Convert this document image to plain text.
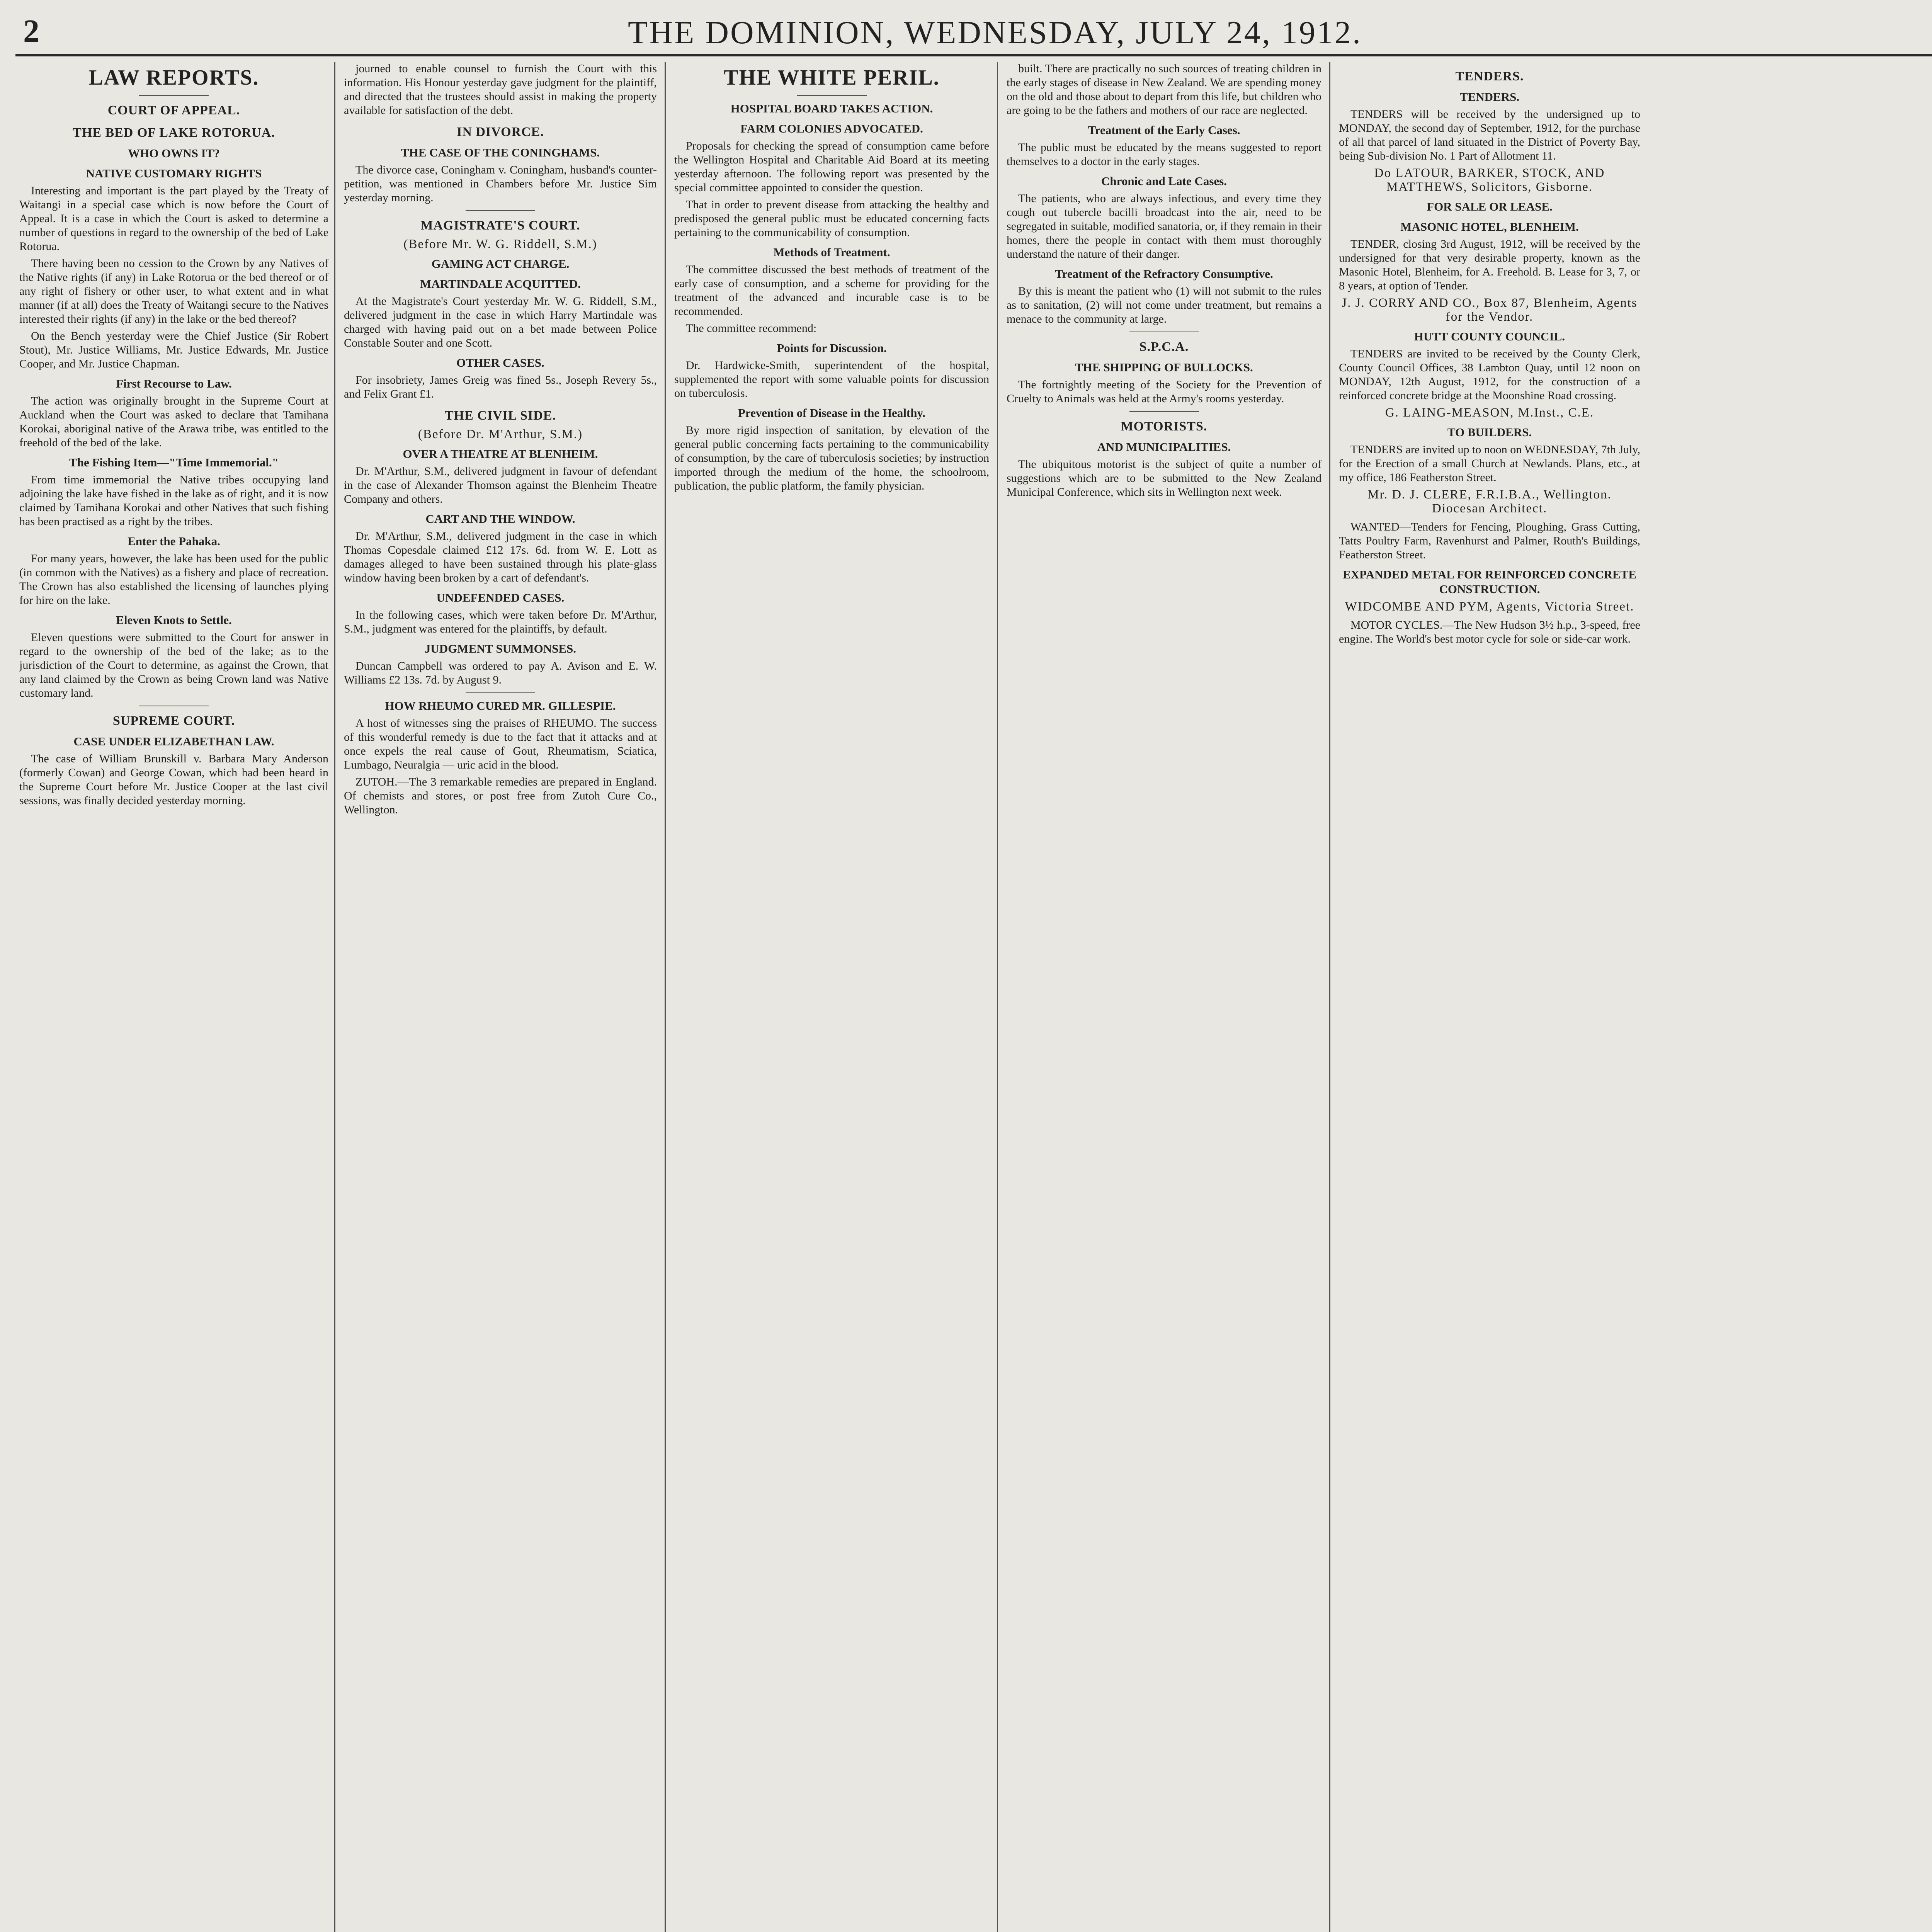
2	THE DOMINION, WEDNESDAY, JULY 24, 1912.
LAW REPORTS.
COURT OF APPEAL.
THE BED OF LAKE ROTORUA.
WHO OWNS IT?
NATIVE CUSTOMARY RIGHTS

Interesting and important is the part played by the Treaty of Waitangi in a special case which is now before the Court of Appeal. It is a case in which the Court is asked to determine a number of questions in regard to the ownership of the bed of Lake Rotorua.

There having been no cession to the Crown by any Natives of the Native rights (if any) in Lake Rotorua or the bed thereof or of any right of fishery or other user, to what extent and in what manner (if at all) does the Treaty of Waitangi secure to the Natives interested their rights (if any) in the lake or the bed thereof?

On the Bench yesterday were the Chief Justice (Sir Robert Stout), Mr. Justice Williams, Mr. Justice Edwards, Mr. Justice Cooper, and Mr. Justice Chapman.

First Recourse to Law.

The action was originally brought in the Supreme Court at Auckland when the Court was asked to declare that Tamihana Korokai, aboriginal native of the Arawa tribe, was entitled to the freehold of the bed of the lake.

The Fishing Item—"Time Immemorial."

From time immemorial the Native tribes occupying land adjoining the lake have fished in the lake as of right, and it is now claimed by Tamihana Korokai and other Natives that such fishing has been practised as a right by the tribes.

Enter the Pahaka.

For many years, however, the lake has been used for the public (in common with the Natives) as a fishery and place of recreation. The Crown has also established the licensing of launches plying for hire on the lake.

Eleven Knots to Settle.

Eleven questions were submitted to the Court for answer in regard to the ownership of the bed of the lake; as to the jurisdiction of the Court to determine, as against the Crown, that any land claimed by the Crown as being Crown land was Native customary land.

SUPREME COURT.
CASE UNDER ELIZABETHAN LAW.

The case of William Brunskill v. Barbara Mary Anderson (formerly Cowan) and George Cowan, which had been heard in the Supreme Court before Mr. Justice Cooper at the last civil sessions, was finally decided yesterday morning.

journed to enable counsel to furnish the Court with this information. His Honour yesterday gave judgment for the plaintiff, and directed that the trustees should assist in making the property available for satisfaction of the debt.

IN DIVORCE.
THE CASE OF THE CONINGHAMS.

The divorce case, Coningham v. Coningham, husband's counter-petition, was mentioned in Chambers before Mr. Justice Sim yesterday morning.

MAGISTRATE'S COURT.
(Before Mr. W. G. Riddell, S.M.)
GAMING ACT CHARGE.
MARTINDALE ACQUITTED.

At the Magistrate's Court yesterday Mr. W. G. Riddell, S.M., delivered judgment in the case in which Harry Martindale was charged with having paid out on a bet made between Police Constable Souter and one Scott.

OTHER CASES.

For insobriety, James Greig was fined 5s., Joseph Revery 5s., and Felix Grant £1.

THE CIVIL SIDE.
(Before Dr. M'Arthur, S.M.)
OVER A THEATRE AT BLENHEIM.

Dr. M'Arthur, S.M., delivered judgment in favour of defendant in the case of Alexander Thomson against the Blenheim Theatre Company and others.

CART AND THE WINDOW.

Dr. M'Arthur, S.M., delivered judgment in the case in which Thomas Copesdale claimed £12 17s. 6d. from W. E. Lott as damages alleged to have been sustained through his plate-glass window having been broken by a cart of defendant's.

UNDEFENDED CASES.

In the following cases, which were taken before Dr. M'Arthur, S.M., judgment was entered for the plaintiffs, by default.

JUDGMENT SUMMONSES.

Duncan Campbell was ordered to pay A. Avison and E. W. Williams £2 13s. 7d. by August 9.

HOW RHEUMO CURED MR. GILLESPIE.

A host of witnesses sing the praises of RHEUMO. The success of this wonderful remedy is due to the fact that it attacks and at once expels the real cause of Gout, Rheumatism, Sciatica, Lumbago, Neuralgia — uric acid in the blood.

ZUTOH.—The 3 remarkable remedies are prepared in England. Of chemists and stores, or post free from Zutoh Cure Co., Wellington.

THE WHITE PERIL.
HOSPITAL BOARD TAKES ACTION.
FARM COLONIES ADVOCATED.

Proposals for checking the spread of consumption came before the Wellington Hospital and Charitable Aid Board at its meeting yesterday afternoon. The following report was presented by the special committee appointed to consider the question.

That in order to prevent disease from attacking the healthy and predisposed the general public must be educated concerning facts pertaining to the communicability of consumption.

Methods of Treatment.

The committee discussed the best methods of treatment of the early case of consumption, and a scheme for providing for the treatment of the advanced and incurable case is to be recommended.

The committee recommend:

Points for Discussion.

Dr. Hardwicke-Smith, superintendent of the hospital, supplemented the report with some valuable points for discussion on tuberculosis.

Prevention of Disease in the Healthy.

By more rigid inspection of sanitation, by elevation of the general public concerning facts pertaining to the communicability of consumption, by the care of tuberculosis societies; by instruction imported through the medium of the home, the schoolroom, publication, the public platform, the family physician.

built. There are practically no such sources of treating children in the early stages of disease in New Zealand. We are spending money on the old and those about to depart from this life, but children who are going to be the fathers and mothers of our race are neglected.

Treatment of the Early Cases.

The public must be educated by the means suggested to report themselves to a doctor in the early stages.

Chronic and Late Cases.

The patients, who are always infectious, and every time they cough out tubercle bacilli broadcast into the air, need to be segregated in suitable, modified sanatoria, or, if they remain in their homes, there the people in contact with them must thoroughly understand the nature of their danger.

Treatment of the Refractory Consumptive.

By this is meant the patient who (1) will not submit to the rules as to sanitation, (2) will not come under treatment, but remains a menace to the community at large.

S.P.C.A.
THE SHIPPING OF BULLOCKS.

The fortnightly meeting of the Society for the Prevention of Cruelty to Animals was held at the Army's rooms yesterday.

MOTORISTS.
AND MUNICIPALITIES.

The ubiquitous motorist is the subject of quite a number of suggestions which are to be submitted to the New Zealand Municipal Conference, which sits in Wellington next week.

TENDERS.
TENDERS.

TENDERS will be received by the undersigned up to MONDAY, the second day of September, 1912, for the purchase of all that parcel of land situated in the District of Poverty Bay, being Sub-division No. 1 Part of Allotment 11.

Do LATOUR, BARKER, STOCK, AND MATTHEWS, Solicitors, Gisborne.
FOR SALE OR LEASE.
MASONIC HOTEL, BLENHEIM.

TENDER, closing 3rd August, 1912, will be received by the undersigned for that very desirable property, known as the Masonic Hotel, Blenheim, for A. Freehold. B. Lease for 3, 7, or 8 years, at option of Tender.

J. J. CORRY AND CO., Box 87, Blenheim, Agents for the Vendor.
HUTT COUNTY COUNCIL.

TENDERS are invited to be received by the County Clerk, County Council Offices, 38 Lambton Quay, until 12 noon on MONDAY, 12th August, 1912, for the construction of a reinforced concrete bridge at the Moonshine Road crossing.

G. LAING-MEASON, M.Inst., C.E.
TO BUILDERS.

TENDERS are invited up to noon on WEDNESDAY, 7th July, for the Erection of a small Church at Newlands. Plans, etc., at my office, 186 Featherston Street.

Mr. D. J. CLERE, F.R.I.B.A., Wellington. Diocesan Architect.

WANTED—Tenders for Fencing, Ploughing, Grass Cutting, Tatts Poultry Farm, Ravenhurst and Palmer, Routh's Buildings, Featherston Street.

EXPANDED METAL FOR REINFORCED CONCRETE CONSTRUCTION.
WIDCOMBE AND PYM, Agents, Victoria Street.

MOTOR CYCLES.—The New Hudson 3½ h.p., 3-speed, free engine. The World's best motor cycle for sole or side-car work.
